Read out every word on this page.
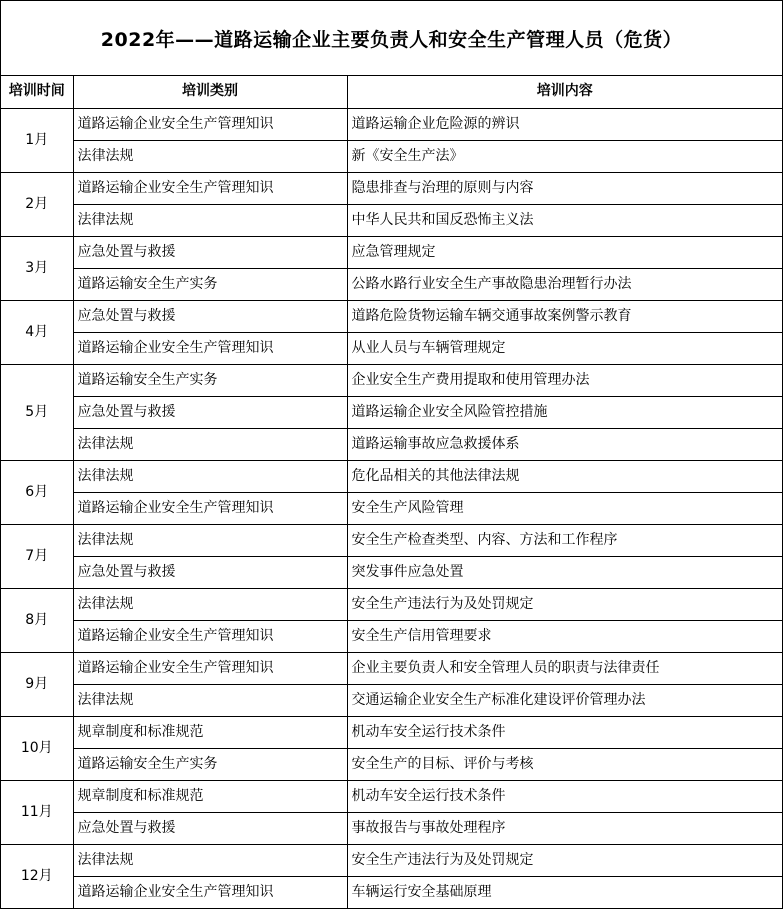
2022年——道路运输企业主要负责人和安全生产管理人员（危货）
培训时间	培训类别	培训内容
1月	道路运输企业安全生产管理知识	道路运输企业危险源的辨识
	法律法规	新《安全生产法》
2月	道路运输企业安全生产管理知识	隐患排查与治理的原则与内容
	法律法规	中华人民共和国反恐怖主义法
3月	应急处置与救援	应急管理规定
	道路运输安全生产实务	公路水路行业安全生产事故隐患治理暂行办法
4月	应急处置与救援	道路危险货物运输车辆交通事故案例警示教育
	道路运输企业安全生产管理知识	从业人员与车辆管理规定
5月	道路运输安全生产实务	企业安全生产费用提取和使用管理办法
	应急处置与救援	道路运输企业安全风险管控措施
	法律法规	道路运输事故应急救援体系
6月	法律法规	危化品相关的其他法律法规
	道路运输企业安全生产管理知识	安全生产风险管理
7月	法律法规	安全生产检查类型、内容、方法和工作程序
	应急处置与救援	突发事件应急处置
8月	法律法规	安全生产违法行为及处罚规定
	道路运输企业安全生产管理知识	安全生产信用管理要求
9月	道路运输企业安全生产管理知识	企业主要负责人和安全管理人员的职责与法律责任
	法律法规	交通运输企业安全生产标准化建设评价管理办法
10月	规章制度和标准规范	机动车安全运行技术条件
	道路运输安全生产实务	安全生产的目标、评价与考核
11月	规章制度和标准规范	机动车安全运行技术条件
	应急处置与救援	事故报告与事故处理程序
12月	法律法规	安全生产违法行为及处罚规定
	道路运输企业安全生产管理知识	车辆运行安全基础原理
